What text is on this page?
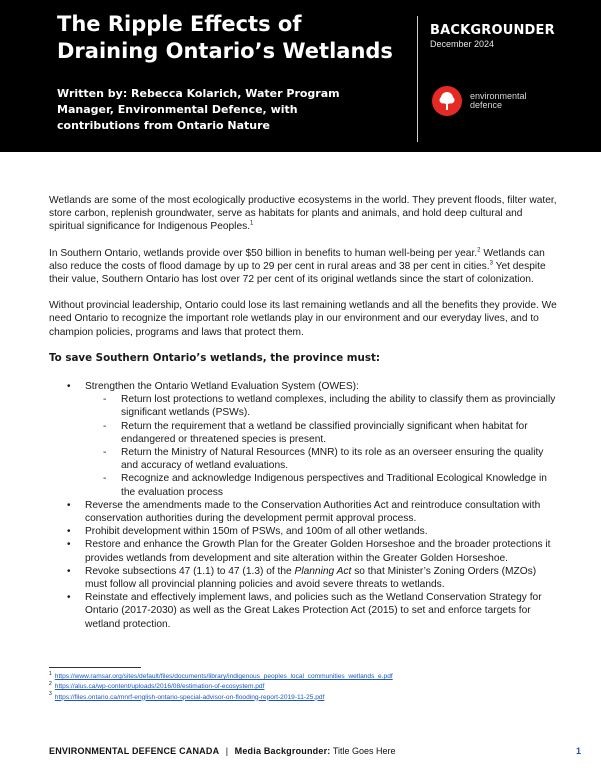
The Ripple Effects of
Draining Ontario’s Wetlands
BACKGROUNDER
December 2024
Written by: Rebecca Kolarich, Water Program
Manager, Environmental Defence, with
contributions from Ontario Nature
environmental
defence

Wetlands are some of the most ecologically productive ecosystems in the world. They prevent floods, filter water, store carbon, replenish groundwater, serve as habitats for plants and animals, and hold deep cultural and spiritual significance for Indigenous Peoples.$^1$

In Southern Ontario, wetlands provide over $50 billion in benefits to human well-being per year.$^2$ Wetlands can also reduce the costs of flood damage by up to 29 per cent in rural areas and 38 per cent in cities.$^3$ Yet despite their value, Southern Ontario has lost over 72 per cent of its original wetlands since the start of colonization.

Without provincial leadership, Ontario could lose its last remaining wetlands and all the benefits they provide. We need Ontario to recognize the important role wetlands play in our environment and our everyday lives, and to champion policies, programs and laws that protect them.

To save Southern Ontario’s wetlands, the province must:
• Strengthen the Ontario Wetland Evaluation System (OWES):
- Return lost protections to wetland complexes, including the ability to classify them as provincially significant wetlands (PSWs).
- Return the requirement that a wetland be classified provincially significant when habitat for endangered or threatened species is present.
- Return the Ministry of Natural Resources (MNR) to its role as an overseer ensuring the quality and accuracy of wetland evaluations.
- Recognize and acknowledge Indigenous perspectives and Traditional Ecological Knowledge in the evaluation process
• Reverse the amendments made to the Conservation Authorities Act and reintroduce consultation with conservation authorities during the development permit approval process.
• Prohibit development within 150m of PSWs, and 100m of all other wetlands.
• Restore and enhance the Growth Plan for the Greater Golden Horseshoe and the broader protections it provides wetlands from development and site alteration within the Greater Golden Horseshoe.
• Revoke subsections 47 (1.1) to 47 (1.3) of the Planning Act so that Minister’s Zoning Orders (MZOs) must follow all provincial planning policies and avoid severe threats to wetlands.
• Reinstate and effectively implement laws, and policies such as the Wetland Conservation Strategy for Ontario (2017-2030) as well as the Great Lakes Protection Act (2015) to set and enforce targets for wetland protection.
$^1$ https://www.ramsar.org/sites/default/files/documents/library/indigenous_peoples_local_communities_wetlands_e.pdf
$^2$ https://alus.ca/wp-content/uploads/2016/08/estimation-of-ecosystem.pdf
$^3$ https://files.ontario.ca/mnrf-english-ontario-special-advisor-on-flooding-report-2019-11-25.pdf
ENVIRONMENTAL DEFENCE CANADA | Media Backgrounder: Title Goes Here	1
